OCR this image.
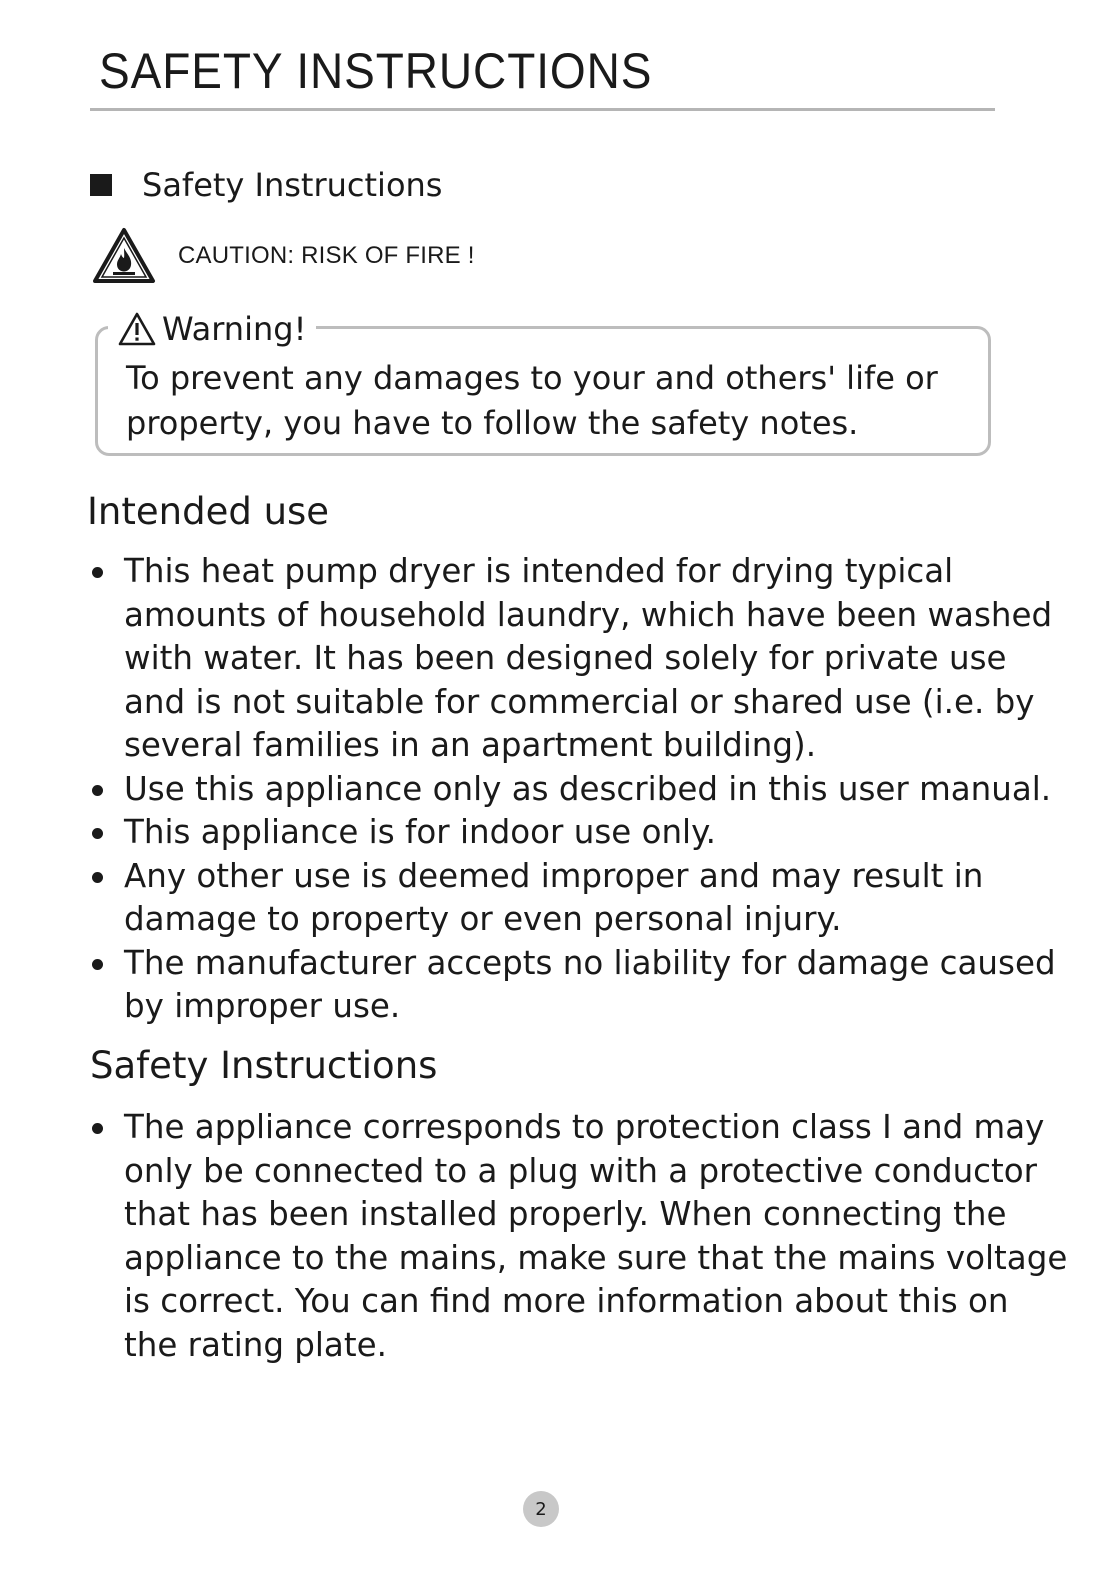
SAFETY INSTRUCTIONS
Safety Instructions
CAUTION: RISK OF FIRE !
Warning!
To prevent any damages to your and others' life or
property, you have to follow the safety notes.
Intended use
This heat pump dryer is intended for drying typical
amounts of household laundry, which have been washed
with water. It has been designed solely for private use
and is not suitable for commercial or shared use (i.e. by
several families in an apartment building).
Use this appliance only as described in this user manual.
This appliance is for indoor use only.
Any other use is deemed improper and may result in
damage to property or even personal injury.
The manufacturer accepts no liability for damage caused
by improper use.
Safety Instructions
The appliance corresponds to protection class I and may
only be connected to a plug with a protective conductor
that has been installed properly. When connecting the
appliance to the mains, make sure that the mains voltage
is correct. You can find more information about this on
the rating plate.
2
